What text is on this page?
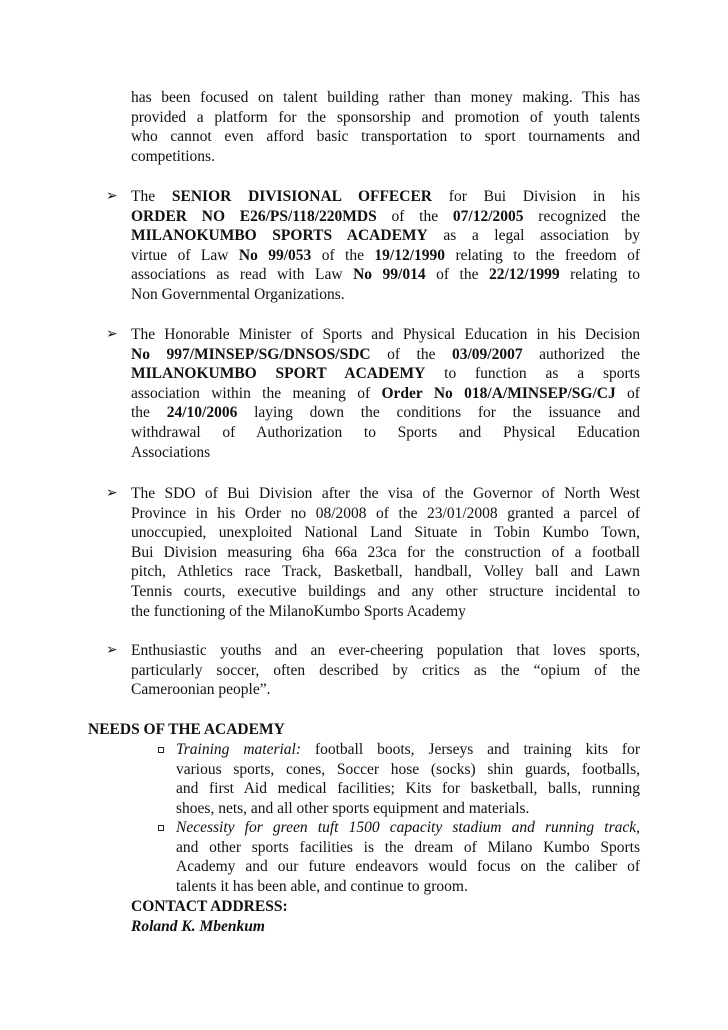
has been focused on talent building rather than money making. This has
provided a platform for the sponsorship and promotion of youth talents
who cannot even afford basic transportation to sport tournaments and
competitions.
➢ The SENIOR DIVISIONAL OFFECER for Bui Division in his
ORDER NO E26/PS/118/220MDS of the 07/12/2005 recognized the
MILANOKUMBO SPORTS ACADEMY as a legal association by
virtue of Law No 99/053 of the 19/12/1990 relating to the freedom of
associations as read with Law No 99/014 of the 22/12/1999 relating to
Non Governmental Organizations.
➢ The Honorable Minister of Sports and Physical Education in his Decision
No 997/MINSEP/SG/DNSOS/SDC of the 03/09/2007 authorized the
MILANOKUMBO SPORT ACADEMY to function as a sports
association within the meaning of Order No 018/A/MINSEP/SG/CJ of
the 24/10/2006 laying down the conditions for the issuance and
withdrawal of Authorization to Sports and Physical Education
Associations
➢ The SDO of Bui Division after the visa of the Governor of North West
Province in his Order no 08/2008 of the 23/01/2008 granted a parcel of
unoccupied, unexploited National Land Situate in Tobin Kumbo Town,
Bui Division measuring 6ha 66a 23ca for the construction of a football
pitch, Athletics race Track, Basketball, handball, Volley ball and Lawn
Tennis courts, executive buildings and any other structure incidental to
the functioning of the MilanoKumbo Sports Academy
➢ Enthusiastic youths and an ever-cheering population that loves sports,
particularly soccer, often described by critics as the “opium of the
Cameroonian people”.

NEEDS OF THE ACADEMY

Training material: football boots, Jerseys and training kits for
various sports, cones, Soccer hose (socks) shin guards, footballs,
and first Aid medical facilities; Kits for basketball, balls, running
shoes, nets, and all other sports equipment and materials.
Necessity for green tuft 1500 capacity stadium and running track,
and other sports facilities is the dream of Milano Kumbo Sports
Academy and our future endeavors would focus on the caliber of
talents it has been able, and continue to groom.

CONTACT ADDRESS:

Roland K. Mbenkum
